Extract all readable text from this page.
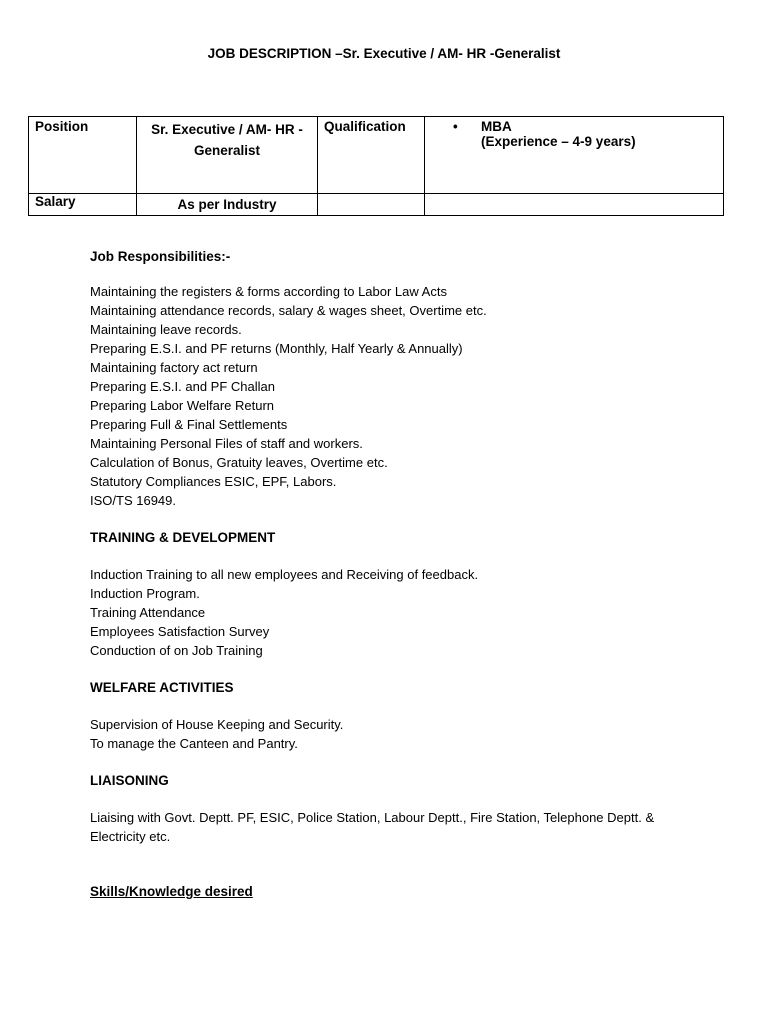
JOB DESCRIPTION –Sr. Executive / AM- HR -Generalist
Position	Sr. Executive / AM- HR - Generalist	Qualification	• MBA
(Experience – 4-9 years)

Salary	As per Industry		
Job Responsibilities:-
Maintaining the registers & forms according to Labor Law Acts
Maintaining attendance records, salary & wages sheet, Overtime etc.
Maintaining leave records.
Preparing E.S.I. and PF returns (Monthly, Half Yearly & Annually)
Maintaining factory act return
Preparing E.S.I. and PF Challan
Preparing Labor Welfare Return
Preparing Full & Final Settlements
Maintaining Personal Files of staff and workers.
Calculation of Bonus, Gratuity leaves, Overtime etc.
Statutory Compliances ESIC, EPF, Labors.
ISO/TS 16949.
TRAINING & DEVELOPMENT
Induction Training to all new employees and Receiving of feedback.
Induction Program.
Training Attendance
Employees Satisfaction Survey
Conduction of on Job Training
WELFARE ACTIVITIES
Supervision of House Keeping and Security.
To manage the Canteen and Pantry.
LIAISONING
Liaising with Govt. Deptt. PF, ESIC, Police Station, Labour Deptt., Fire Station, Telephone Deptt. & Electricity etc.
Skills/Knowledge desired
